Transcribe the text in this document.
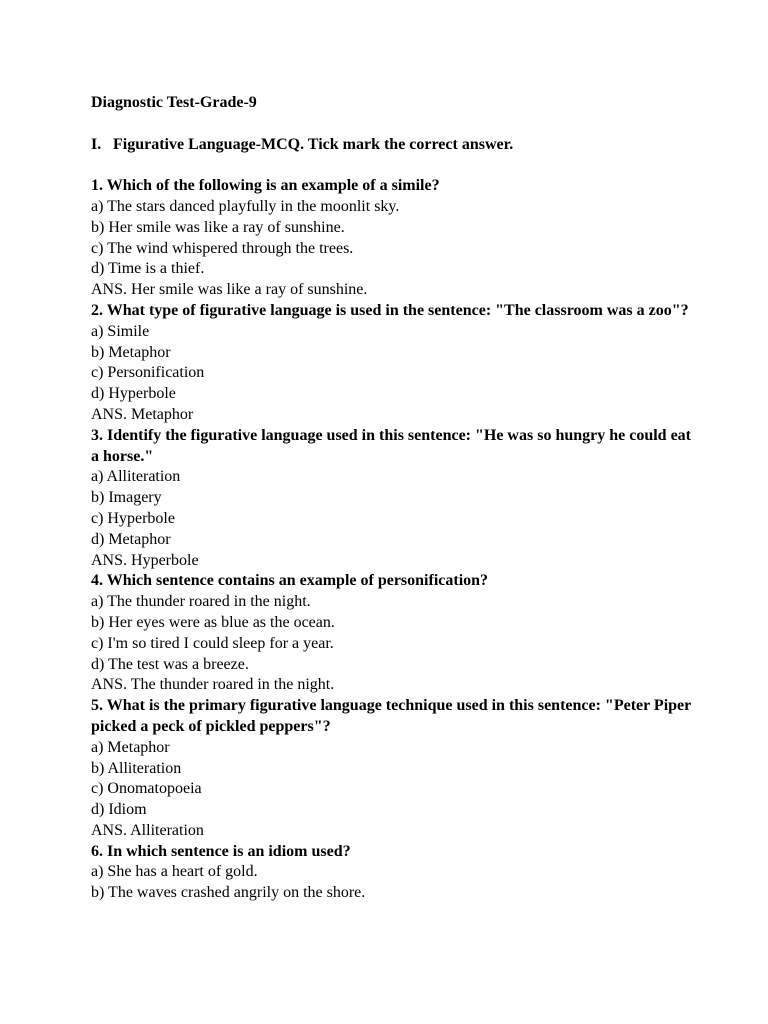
Diagnostic Test-Grade-9

I. Figurative Language-MCQ. Tick mark the correct answer.

1. Which of the following is an example of a simile?

a) The stars danced playfully in the moonlit sky.

b) Her smile was like a ray of sunshine.

c) The wind whispered through the trees.

d) Time is a thief.

ANS. Her smile was like a ray of sunshine.

2. What type of figurative language is used in the sentence: "The classroom was a zoo"?

a) Simile

b) Metaphor

c) Personification

d) Hyperbole

ANS. Metaphor

3. Identify the figurative language used in this sentence: "He was so hungry he could eat a horse."

a) Alliteration

b) Imagery

c) Hyperbole

d) Metaphor

ANS. Hyperbole

4. Which sentence contains an example of personification?

a) The thunder roared in the night.

b) Her eyes were as blue as the ocean.

c) I'm so tired I could sleep for a year.

d) The test was a breeze.

ANS. The thunder roared in the night.

5. What is the primary figurative language technique used in this sentence: "Peter Piper picked a peck of pickled peppers"?

a) Metaphor

b) Alliteration

c) Onomatopoeia

d) Idiom

ANS. Alliteration

6. In which sentence is an idiom used?

a) She has a heart of gold.

b) The waves crashed angrily on the shore.
